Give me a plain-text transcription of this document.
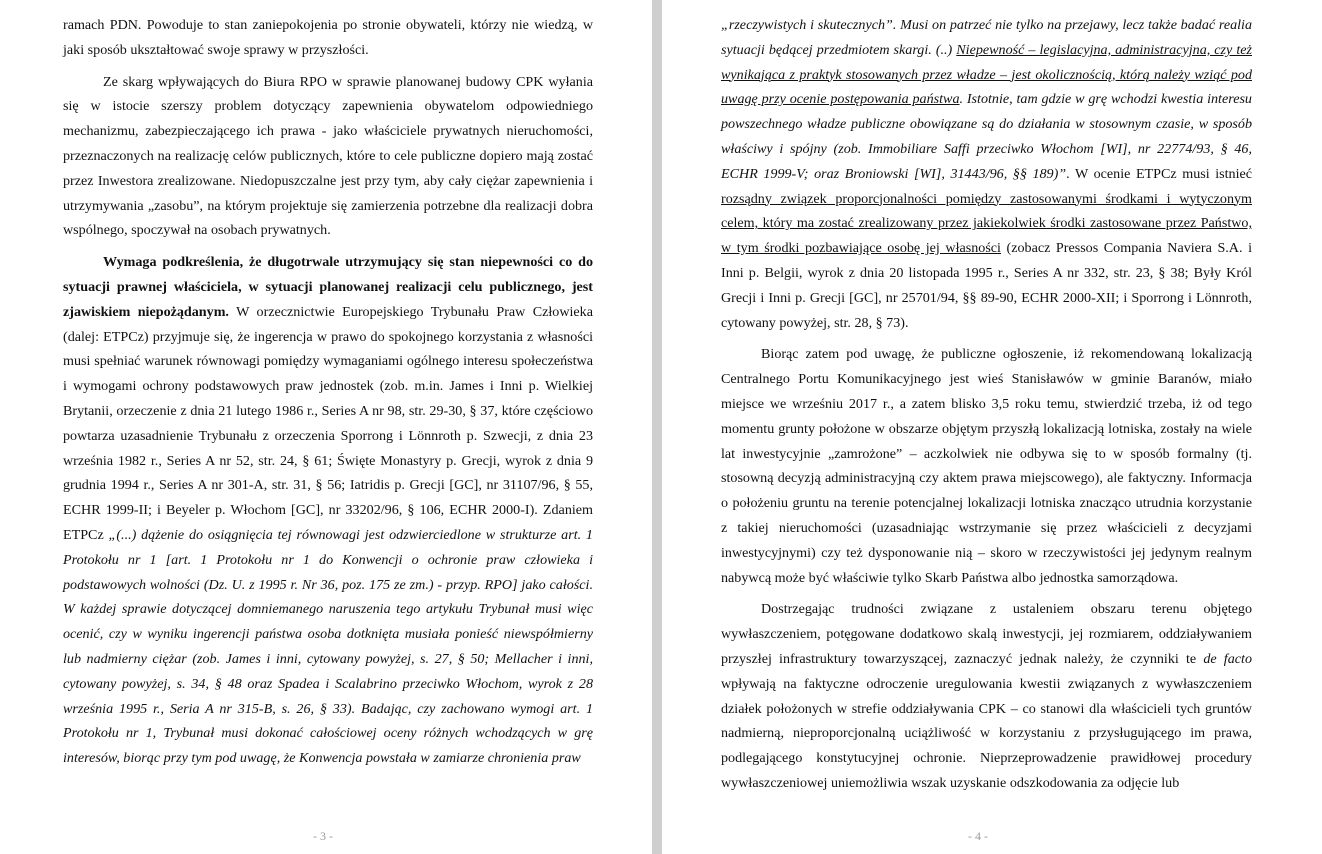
ramach PDN. Powoduje to stan zaniepokojenia po stronie obywateli, którzy nie wiedzą, w jaki sposób ukształtować swoje sprawy w przyszłości.

Ze skarg wpływających do Biura RPO w sprawie planowanej budowy CPK wyłania się w istocie szerszy problem dotyczący zapewnienia obywatelom odpowiedniego mechanizmu, zabezpieczającego ich prawa - jako właściciele prywatnych nieruchomości, przeznaczonych na realizację celów publicznych, które to cele publiczne dopiero mają zostać przez Inwestora zrealizowane. Niedopuszczalne jest przy tym, aby cały ciężar zapewnienia i utrzymywania „zasobu”, na którym projektuje się zamierzenia potrzebne dla realizacji dobra wspólnego, spoczywał na osobach prywatnych.

Wymaga podkreślenia, że długotrwale utrzymujący się stan niepewności co do sytuacji prawnej właściciela, w sytuacji planowanej realizacji celu publicznego, jest zjawiskiem niepożądanym. W orzecznictwie Europejskiego Trybunału Praw Człowieka (dalej: ETPCz) przyjmuje się, że ingerencja w prawo do spokojnego korzystania z własności musi spełniać warunek równowagi pomiędzy wymaganiami ogólnego interesu społeczeństwa i wymogami ochrony podstawowych praw jednostek (zob. m.in. James i Inni p. Wielkiej Brytanii, orzeczenie z dnia 21 lutego 1986 r., Series A nr 98, str. 29-30, § 37, które częściowo powtarza uzasadnienie Trybunału z orzeczenia Sporrong i Lönnroth p. Szwecji, z dnia 23 września 1982 r., Series A nr 52, str. 24, § 61; Święte Monastyry p. Grecji, wyrok z dnia 9 grudnia 1994 r., Series A nr 301-A, str. 31, § 56; Iatridis p. Grecji [GC], nr 31107/96, § 55, ECHR 1999-II; i Beyeler p. Włochom [GC], nr 33202/96, § 106, ECHR 2000-I). Zdaniem ETPCz „(...) dążenie do osiągnięcia tej równowagi jest odzwierciedlone w strukturze art. 1 Protokołu nr 1 [art. 1 Protokołu nr 1 do Konwencji o ochronie praw człowieka i podstawowych wolności (Dz. U. z 1995 r. Nr 36, poz. 175 ze zm.) - przyp. RPO] jako całości. W każdej sprawie dotyczącej domniemanego naruszenia tego artykułu Trybunał musi więc ocenić, czy w wyniku ingerencji państwa osoba dotknięta musiała ponieść niewspółmierny lub nadmierny ciężar (zob. James i inni, cytowany powyżej, s. 27, § 50; Mellacher i inni, cytowany powyżej, s. 34, § 48 oraz Spadea i Scalabrino przeciwko Włochom, wyrok z 28 września 1995 r., Seria A nr 315-B, s. 26, § 33). Badając, czy zachowano wymogi art. 1 Protokołu nr 1, Trybunał musi dokonać całościowej oceny różnych wchodzących w grę interesów, biorąc przy tym pod uwagę, że Konwencja powstała w zamiarze chronienia praw

- 3 -

„rzeczywistych i skutecznych”. Musi on patrzeć nie tylko na przejawy, lecz także badać realia sytuacji będącej przedmiotem skargi. (..) Niepewność – legislacyjna, administracyjna, czy też wynikająca z praktyk stosowanych przez władze – jest okolicznością, którą należy wziąć pod uwagę przy ocenie postępowania państwa. Istotnie, tam gdzie w grę wchodzi kwestia interesu powszechnego władze publiczne obowiązane są do działania w stosownym czasie, w sposób właściwy i spójny (zob. Immobiliare Saffi przeciwko Włochom [WI], nr 22774/93, § 46, ECHR 1999-V; oraz Broniowski [WI], 31443/96, §§ 189)”. W ocenie ETPCz musi istnieć rozsądny związek proporcjonalności pomiędzy zastosowanymi środkami i wytyczonym celem, który ma zostać zrealizowany przez jakiekolwiek środki zastosowane przez Państwo, w tym środki pozbawiające osobę jej własności (zobacz Pressos Compania Naviera S.A. i Inni p. Belgii, wyrok z dnia 20 listopada 1995 r., Series A nr 332, str. 23, § 38; Były Król Grecji i Inni p. Grecji [GC], nr 25701/94, §§ 89-90, ECHR 2000-XII; i Sporrong i Lönnroth, cytowany powyżej, str. 28, § 73).

Biorąc zatem pod uwagę, że publiczne ogłoszenie, iż rekomendowaną lokalizacją Centralnego Portu Komunikacyjnego jest wieś Stanisławów w gminie Baranów, miało miejsce we wrześniu 2017 r., a zatem blisko 3,5 roku temu, stwierdzić trzeba, iż od tego momentu grunty położone w obszarze objętym przyszłą lokalizacją lotniska, zostały na wiele lat inwestycyjnie „zamrożone” – aczkolwiek nie odbywa się to w sposób formalny (tj. stosowną decyzją administracyjną czy aktem prawa miejscowego), ale faktyczny. Informacja o położeniu gruntu na terenie potencjalnej lokalizacji lotniska znacząco utrudnia korzystanie z takiej nieruchomości (uzasadniając wstrzymanie się przez właścicieli z decyzjami inwestycyjnymi) czy też dysponowanie nią – skoro w rzeczywistości jej jedynym realnym nabywcą może być właściwie tylko Skarb Państwa albo jednostka samorządowa.

Dostrzegając trudności związane z ustaleniem obszaru terenu objętego wywłaszczeniem, potęgowane dodatkowo skalą inwestycji, jej rozmiarem, oddziaływaniem przyszłej infrastruktury towarzyszącej, zaznaczyć jednak należy, że czynniki te de facto wpływają na faktyczne odroczenie uregulowania kwestii związanych z wywłaszczeniem działek położonych w strefie oddziaływania CPK – co stanowi dla właścicieli tych gruntów nadmierną, nieproporcjonalną uciążliwość w korzystaniu z przysługującego im prawa, podlegającego konstytucyjnej ochronie. Nieprzeprowadzenie prawidłowej procedury wywłaszczeniowej uniemożliwia wszak uzyskanie odszkodowania za odjęcie lub

- 4 -
